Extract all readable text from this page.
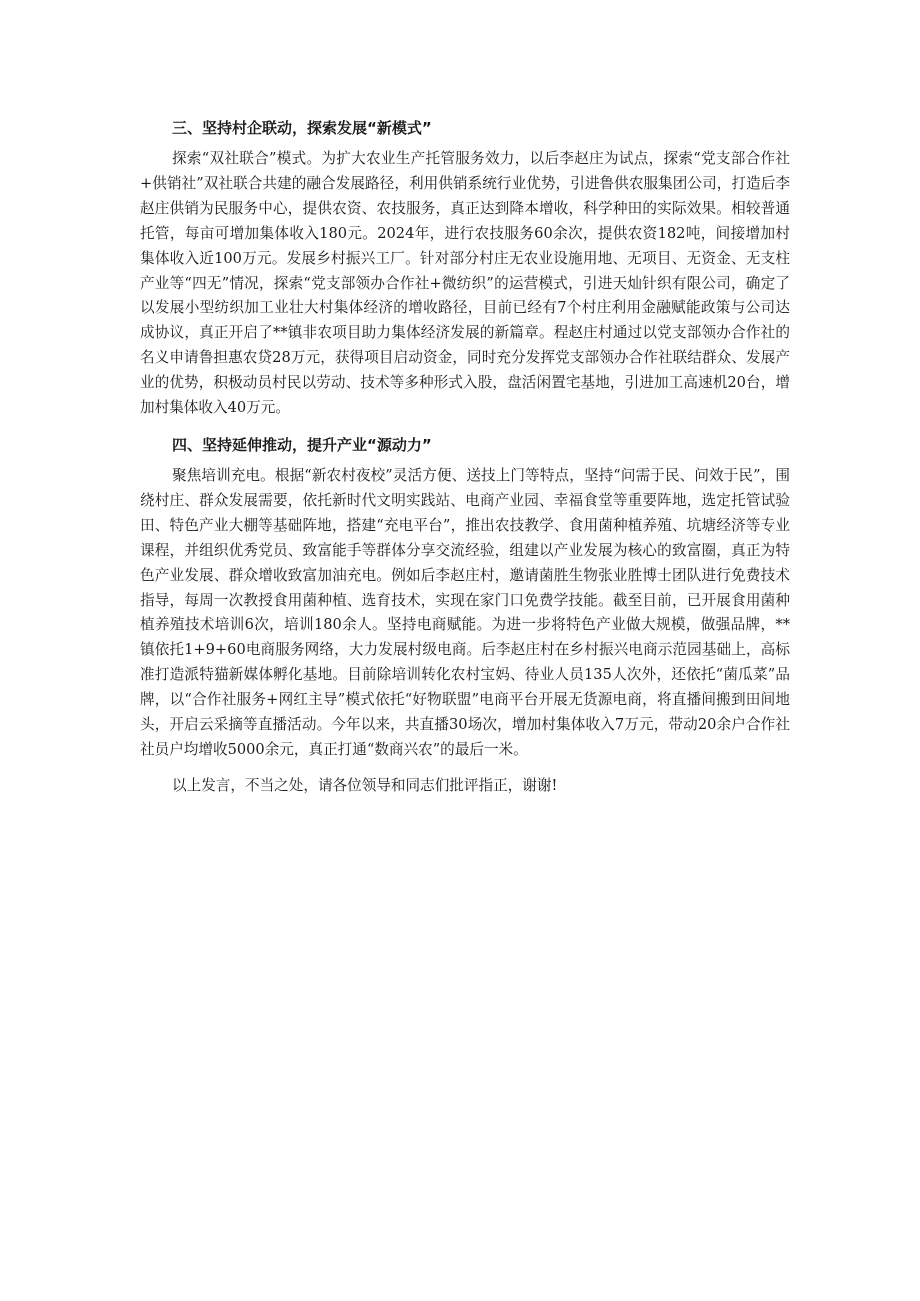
三、坚持村企联动，探索发展“新模式”

探索“双社联合”模式。为扩大农业生产托管服务效力，以后李赵庄为试点，探索“党支部合作社+供销社”双社联合共建的融合发展路径，利用供销系统行业优势，引进鲁供农服集团公司，打造后李赵庄供销为民服务中心，提供农资、农技服务，真正达到降本增收，科学种田的实际效果。相较普通托管，每亩可增加集体收入180元。2024年，进行农技服务60余次，提供农资182吨，间接增加村集体收入近100万元。发展乡村振兴工厂。针对部分村庄无农业设施用地、无项目、无资金、无支柱产业等“四无”情况，探索“党支部领办合作社+微纺织”的运营模式，引进天灿针织有限公司，确定了以发展小型纺织加工业壮大村集体经济的增收路径，目前已经有7个村庄利用金融赋能政策与公司达成协议，真正开启了**镇非农项目助力集体经济发展的新篇章。程赵庄村通过以党支部领办合作社的名义申请鲁担惠农贷28万元，获得项目启动资金，同时充分发挥党支部领办合作社联结群众、发展产业的优势，积极动员村民以劳动、技术等多种形式入股，盘活闲置宅基地，引进加工高速机20台，增加村集体收入40万元。

四、坚持延伸推动，提升产业“源动力”

聚焦培训充电。根据“新农村夜校”灵活方便、送技上门等特点，坚持“问需于民、问效于民”，围绕村庄、群众发展需要，依托新时代文明实践站、电商产业园、幸福食堂等重要阵地，选定托管试验田、特色产业大棚等基础阵地，搭建“充电平台”，推出农技教学、食用菌种植养殖、坑塘经济等专业课程，并组织优秀党员、致富能手等群体分享交流经验，组建以产业发展为核心的致富圈，真正为特色产业发展、群众增收致富加油充电。例如后李赵庄村，邀请菌胜生物张业胜博士团队进行免费技术指导，每周一次教授食用菌种植、选育技术，实现在家门口免费学技能。截至目前，已开展食用菌种植养殖技术培训6次，培训180余人。坚持电商赋能。为进一步将特色产业做大规模，做强品牌，**镇依托1+9+60电商服务网络，大力发展村级电商。后李赵庄村在乡村振兴电商示范园基础上，高标准打造派特猫新媒体孵化基地。目前除培训转化农村宝妈、待业人员135人次外，还依托“菌瓜菜”品牌，以“合作社服务+网红主导”模式依托“好物联盟”电商平台开展无货源电商，将直播间搬到田间地头，开启云采摘等直播活动。今年以来，共直播30场次，增加村集体收入7万元，带动20余户合作社社员户均增收5000余元，真正打通“数商兴农”的最后一米。

以上发言，不当之处，请各位领导和同志们批评指正，谢谢!
